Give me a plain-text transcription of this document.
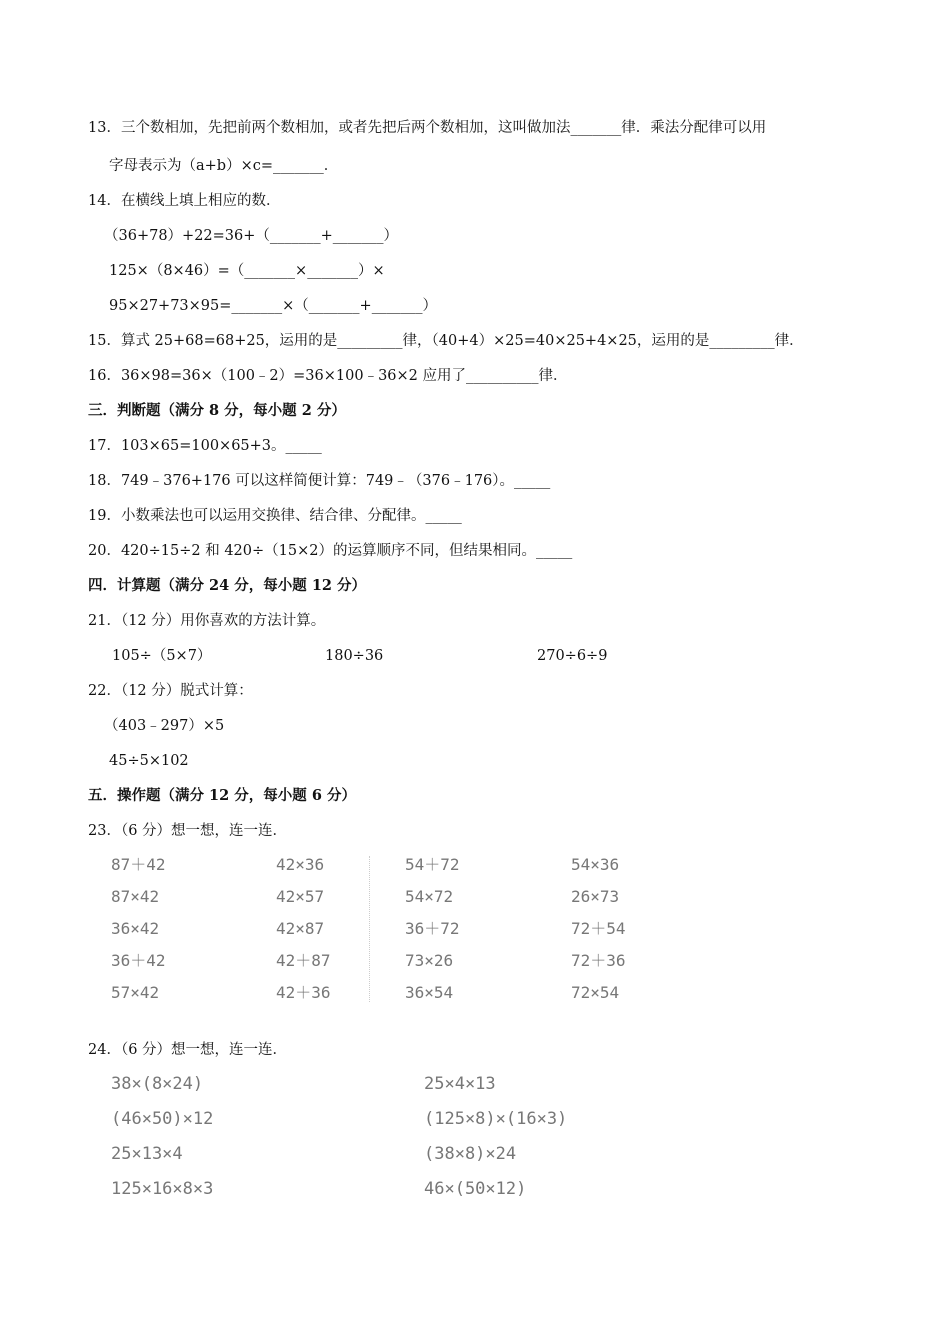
13．三个数相加，先把前两个数相加，或者先把后两个数相加，这叫做加法_______律．乘法分配律可以用
字母表示为（a+b）×c=_______．
14．在横线上填上相应的数．
（36+78）+22=36+（_______+_______）
125×（8×46）=（_______×_______）×
95×27+73×95=_______×（_______+_______）
15．算式 25+68=68+25，运用的是_________律，（40+4）×25=40×25+4×25，运用的是_________律．
16．36×98=36×（100﹣2）=36×100﹣36×2 应用了__________律．
三．判断题（满分 8 分，每小题 2 分）
17．103×65=100×65+3。_____
18．749﹣376+176 可以这样简便计算：749﹣（376﹣176）。_____
19．小数乘法也可以运用交换律、结合律、分配律。_____
20．420÷15÷2 和 420÷（15×2）的运算顺序不同，但结果相同。_____
四．计算题（满分 24 分，每小题 12 分）
21．（12 分）用你喜欢的方法计算。
105÷（5×7）	180÷36	270÷6÷9
22．（12 分）脱式计算：
（403﹣297）×5
45÷5×102
五．操作题（满分 12 分，每小题 6 分）
23．（6 分）想一想，连一连．
87＋42
87×42
36×42
36＋42
57×42
42×36
42×57
42×87
42＋87
42＋36
54＋72
54×72
36＋72
73×26
36×54
54×36
26×73
72＋54
72＋36
72×54
24．（6 分）想一想，连一连．
38×(8×24)
(46×50)×12
25×13×4
125×16×8×3
25×4×13
(125×8)×(16×3)
(38×8)×24
46×(50×12)
